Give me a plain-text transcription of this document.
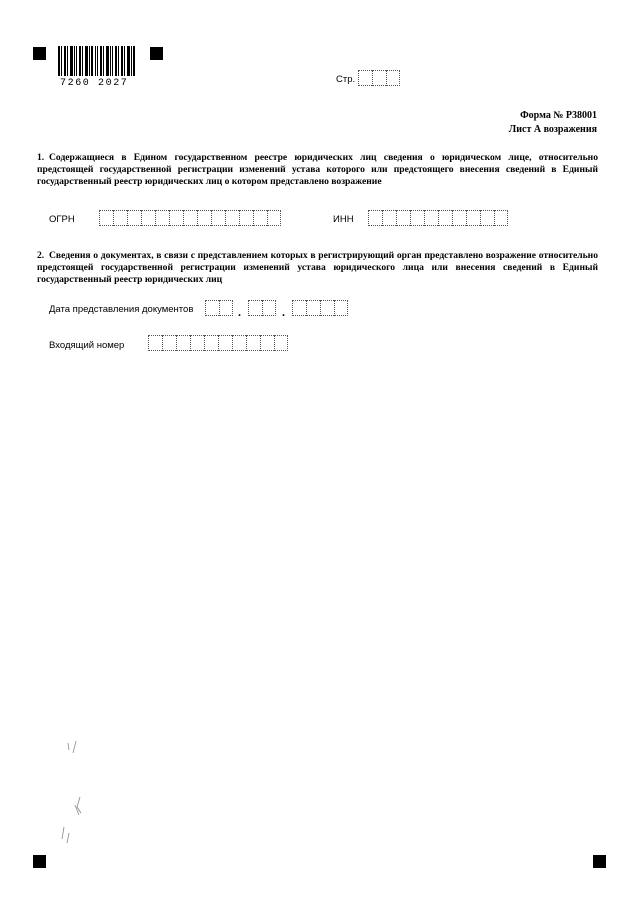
7260 2027	Стр.
Форма № Р38001
Лист А возражения
1. Содержащиеся в Едином государственном реестре юридических лиц сведения о юридическом лице, относительно предстоящей государственной регистрации изменений устава которого или предстоящего внесения сведений в Единый государственный реестр юридических лиц о котором представлено возражение
ОГРН	ИНН
2. Сведения о документах, в связи с представлением которых в регистрирующий орган представлено возражение относительно предстоящей государственной регистрации изменений устава юридического лица или внесения сведений в Единый государственный реестр юридических лиц
Дата представления документов	.	.
Входящий номер
